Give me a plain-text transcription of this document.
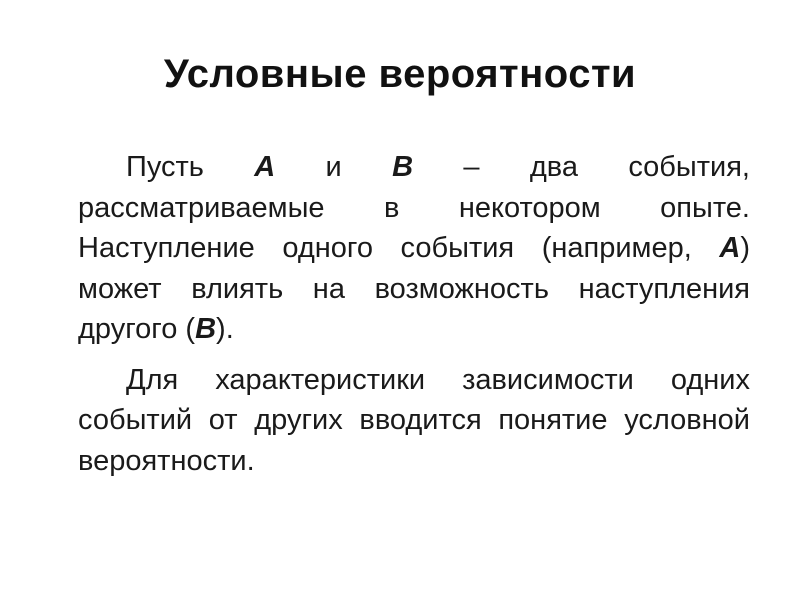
Условные вероятности

Пусть A и B – два события, рассматриваемые в некотором опыте. Наступление одного события (например, A) может влиять на возможность наступления другого (B).

Для характеристики зависимости одних событий от других вводится понятие условной вероятности.
